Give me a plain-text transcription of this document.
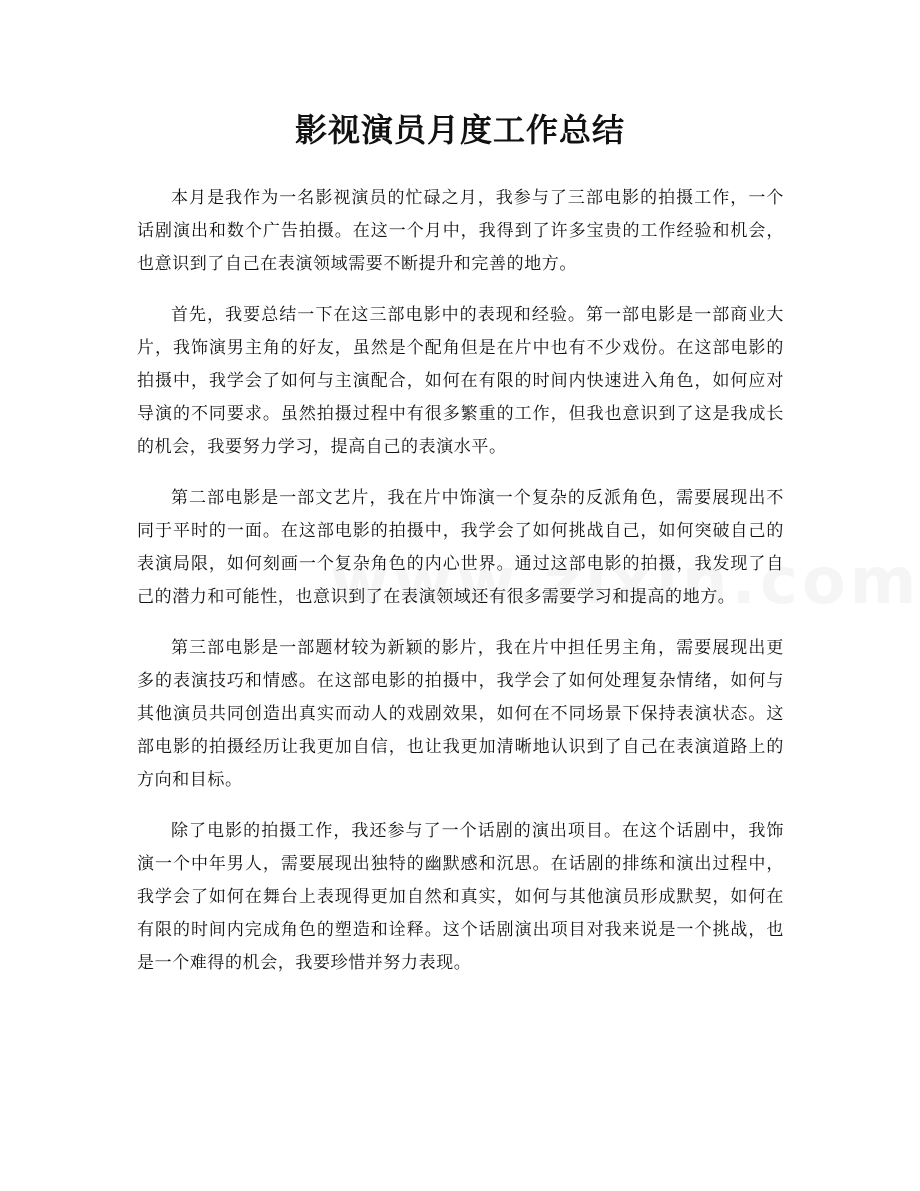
影视演员月度工作总结

本月是我作为一名影视演员的忙碌之月，我参与了三部电影的拍摄工作，一个话剧演出和数个广告拍摄。在这一个月中，我得到了许多宝贵的工作经验和机会，也意识到了自己在表演领域需要不断提升和完善的地方。

首先，我要总结一下在这三部电影中的表现和经验。第一部电影是一部商业大片，我饰演男主角的好友，虽然是个配角但是在片中也有不少戏份。在这部电影的拍摄中，我学会了如何与主演配合，如何在有限的时间内快速进入角色，如何应对导演的不同要求。虽然拍摄过程中有很多繁重的工作，但我也意识到了这是我成长的机会，我要努力学习，提高自己的表演水平。

第二部电影是一部文艺片，我在片中饰演一个复杂的反派角色，需要展现出不同于平时的一面。在这部电影的拍摄中，我学会了如何挑战自己，如何突破自己的表演局限，如何刻画一个复杂角色的内心世界。通过这部电影的拍摄，我发现了自己的潜力和可能性，也意识到了在表演领域还有很多需要学习和提高的地方。

第三部电影是一部题材较为新颖的影片，我在片中担任男主角，需要展现出更多的表演技巧和情感。在这部电影的拍摄中，我学会了如何处理复杂情绪，如何与其他演员共同创造出真实而动人的戏剧效果，如何在不同场景下保持表演状态。这部电影的拍摄经历让我更加自信，也让我更加清晰地认识到了自己在表演道路上的方向和目标。

除了电影的拍摄工作，我还参与了一个话剧的演出项目。在这个话剧中，我饰演一个中年男人，需要展现出独特的幽默感和沉思。在话剧的排练和演出过程中，我学会了如何在舞台上表现得更加自然和真实，如何与其他演员形成默契，如何在有限的时间内完成角色的塑造和诠释。这个话剧演出项目对我来说是一个挑战，也是一个难得的机会，我要珍惜并努力表现。
